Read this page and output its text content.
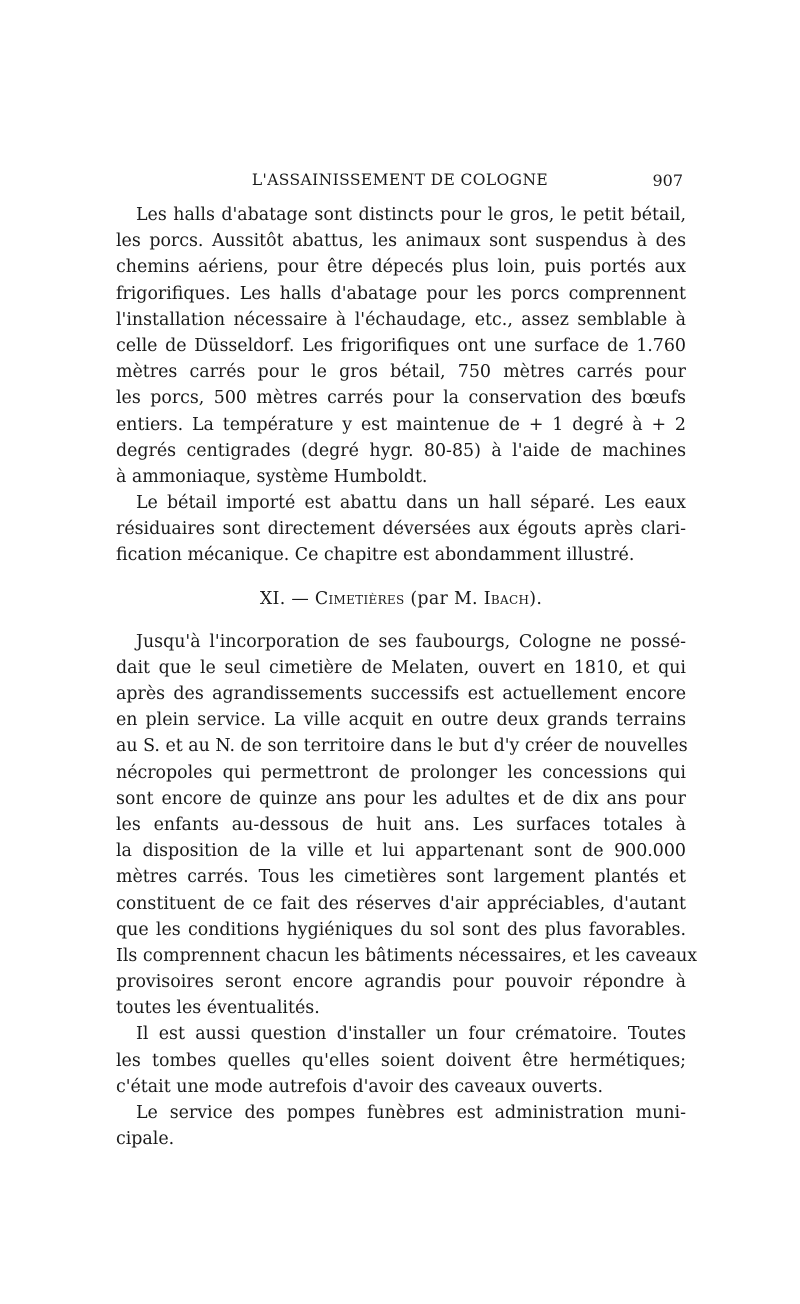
L'ASSAINISSEMENT DE COLOGNE	907
Les halls d'abatage sont distincts pour le gros, le petit bétail,
les porcs. Aussitôt abattus, les animaux sont suspendus à des
chemins aériens, pour être dépecés plus loin, puis portés aux
frigorifiques. Les halls d'abatage pour les porcs comprennent
l'installation nécessaire à l'échaudage, etc., assez semblable à
celle de Düsseldorf. Les frigorifiques ont une surface de 1.760
mètres carrés pour le gros bétail, 750 mètres carrés pour
les porcs, 500 mètres carrés pour la conservation des bœufs
entiers. La température y est maintenue de + 1 degré à + 2
degrés centigrades (degré hygr. 80-85) à l'aide de machines
à ammoniaque, système Humboldt.
Le bétail importé est abattu dans un hall séparé. Les eaux
résiduaires sont directement déversées aux égouts après clari-
fication mécanique. Ce chapitre est abondamment illustré.
XI. — Cimetières (par M. Ibach).
Jusqu'à l'incorporation de ses faubourgs, Cologne ne possé-
dait que le seul cimetière de Melaten, ouvert en 1810, et qui
après des agrandissements successifs est actuellement encore
en plein service. La ville acquit en outre deux grands terrains
au S. et au N. de son territoire dans le but d'y créer de nouvelles
nécropoles qui permettront de prolonger les concessions qui
sont encore de quinze ans pour les adultes et de dix ans pour
les enfants au-dessous de huit ans. Les surfaces totales à
la disposition de la ville et lui appartenant sont de 900.000
mètres carrés. Tous les cimetières sont largement plantés et
constituent de ce fait des réserves d'air appréciables, d'autant
que les conditions hygiéniques du sol sont des plus favorables.
Ils comprennent chacun les bâtiments nécessaires, et les caveaux
provisoires seront encore agrandis pour pouvoir répondre à
toutes les éventualités.
Il est aussi question d'installer un four crématoire. Toutes
les tombes quelles qu'elles soient doivent être hermétiques;
c'était une mode autrefois d'avoir des caveaux ouverts.
Le service des pompes funèbres est administration muni-
cipale.
